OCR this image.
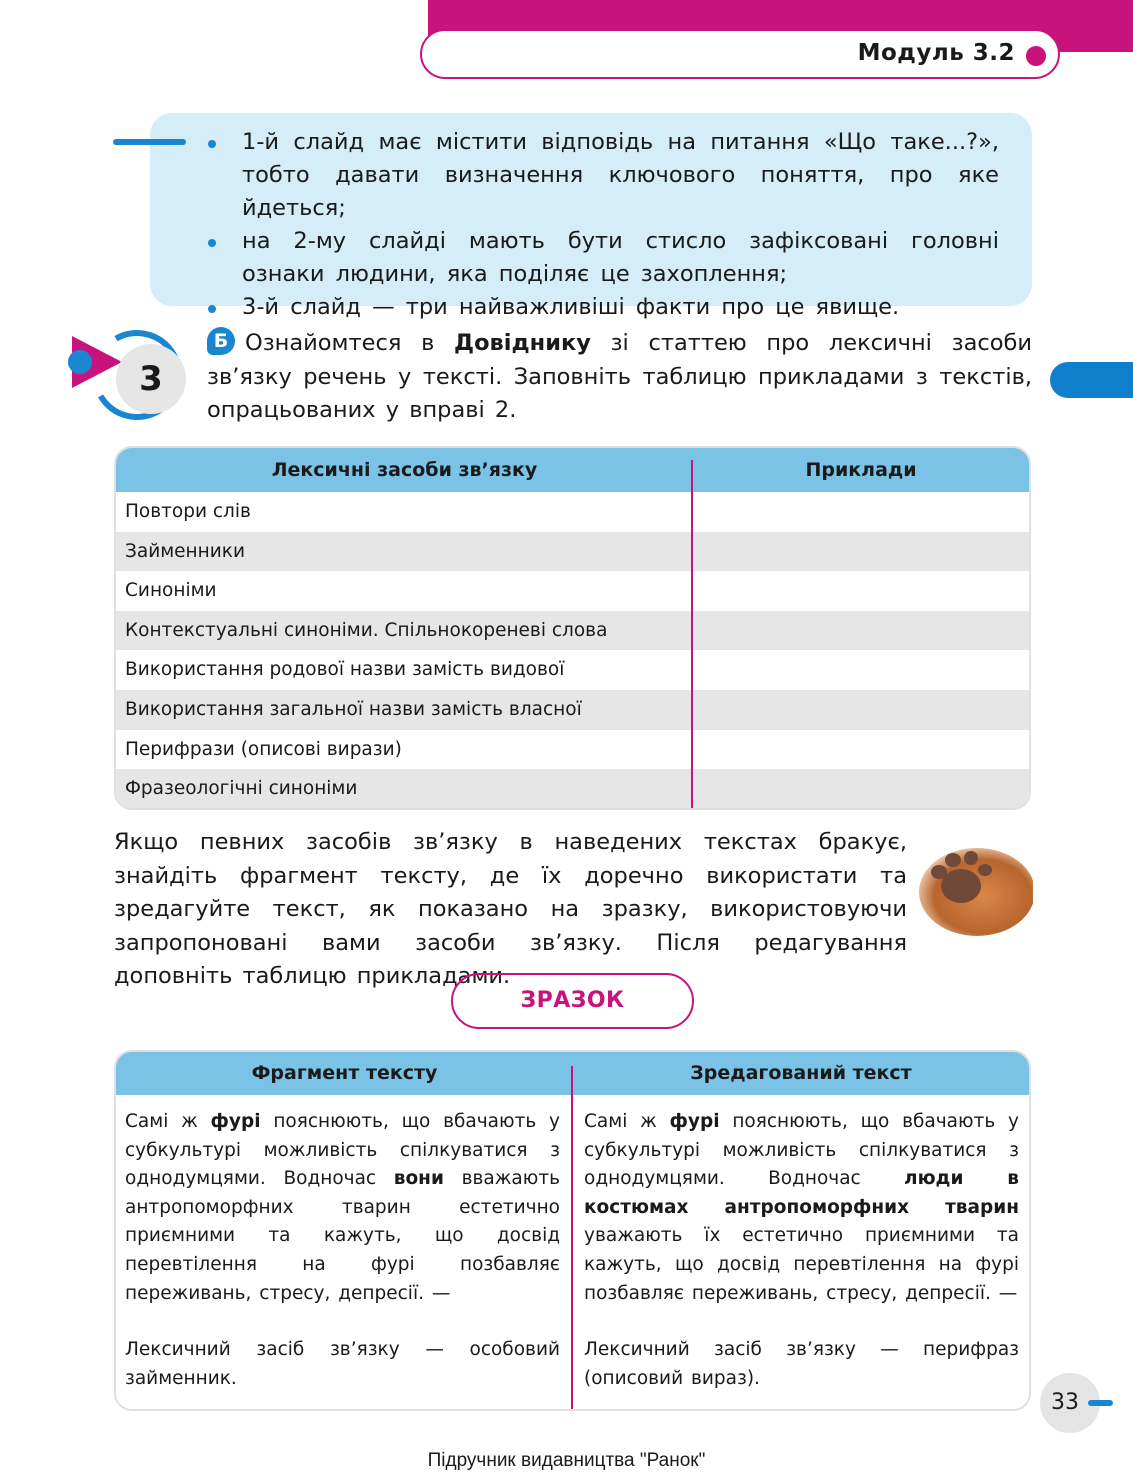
Модуль 3.2
1-й слайд має містити відповідь на питання «Що таке...?», тобто давати визначення ключового поняття, про яке йдеться;
на 2-му слайді мають бути стисло зафіксовані головні ознаки людини, яка поділяє це захоплення;
3-й слайд — три найважливіші факти про це явище.
3
Б Ознайомтеся в Довіднику зі статтею про лексичні засоби зв’язку речень у тексті. Заповніть таблицю прикладами з текстів, опрацьованих у вправі 2.
Лексичні засоби зв’язку	Приклади
Повтори слів
Займенники
Синоніми
Контекстуальні синоніми. Спільнокореневі слова
Використання родової назви замість видової
Використання загальної назви замість власної
Перифрази (описові вирази)
Фразеологічні синоніми
Якщо певних засобів зв’язку в наведених текстах бракує, знайдіть фрагмент тексту, де їх доречно використати та зредагуйте текст, як показано на зразку, використовуючи запропоновані вами засоби зв’язку. Після редагування доповніть таблицю прикладами.
ЗРАЗОК
Фрагмент тексту	Зредагований текст
Самі ж фурі пояснюють, що вбачають у субкультурі можливість спілкуватися з однодумцями. Водночас вони вважають антропоморфних тварин естетично приємними та кажуть, що досвід перевтілення на фурі позбавляє переживань, стресу, депресії. —
Лексичний засіб зв’язку — особовий займенник.
Самі ж фурі пояснюють, що вбачають у субкультурі можливість спілкуватися з однодумцями. Водночас люди в костюмах антропоморфних тварин уважають їх естетично приємними та кажуть, що досвід перевтілення на фурі позбавляє переживань, стресу, депресії. —
Лексичний засіб зв’язку — перифраз (описовий вираз).
33
Підручник видавництва "Ранок"
